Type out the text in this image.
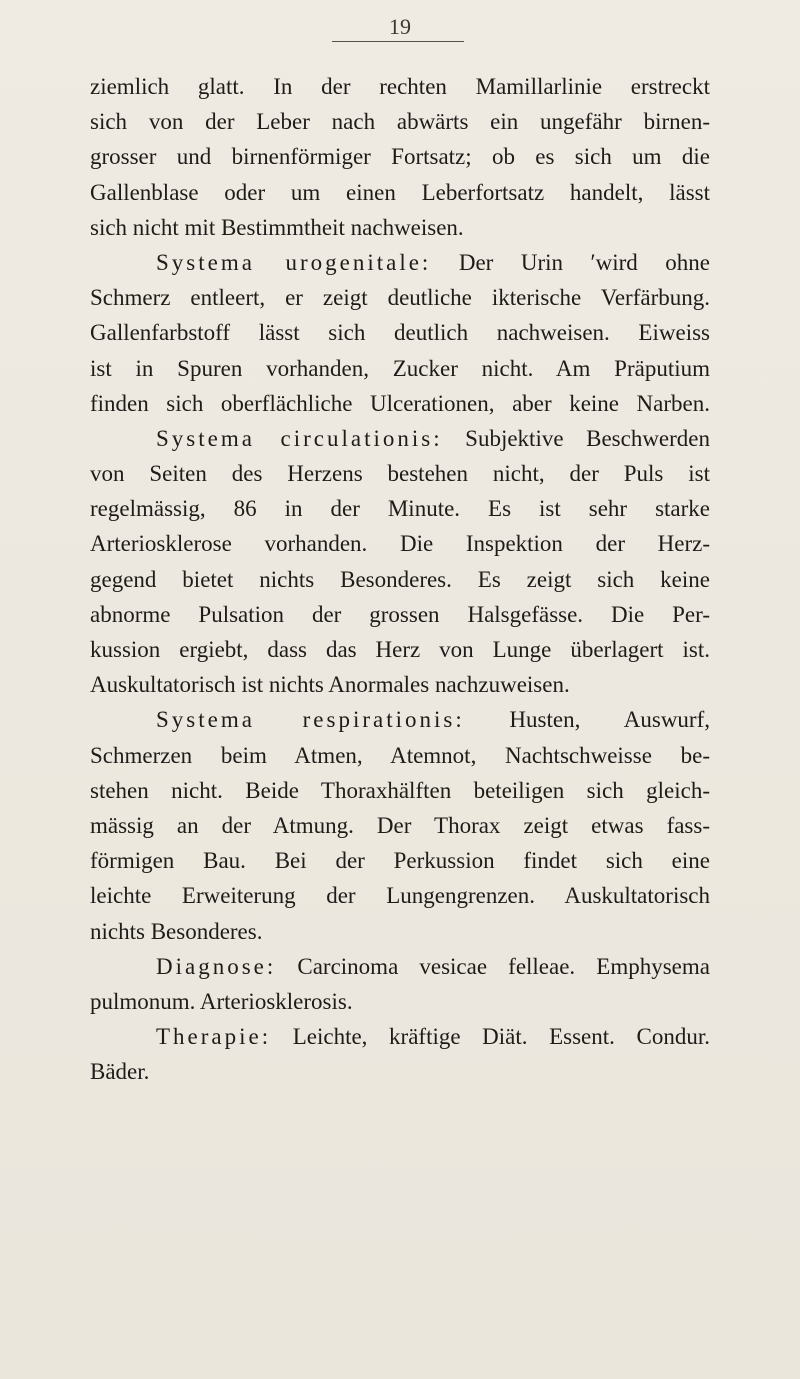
19
ziemlich glatt. In der rechten Mamillarlinie erstreckt
sich von der Leber nach abwärts ein ungefähr birnen-
grosser und birnenförmiger Fortsatz; ob es sich um die
Gallenblase oder um einen Leberfortsatz handelt, lässt
sich nicht mit Bestimmtheit nachweisen.
Systema urogenitale: Der Urin ′wird ohne
Schmerz entleert, er zeigt deutliche ikterische Verfärbung.
Gallenfarbstoff lässt sich deutlich nachweisen. Eiweiss
ist in Spuren vorhanden, Zucker nicht. Am Präputium
finden sich oberflächliche Ulcerationen, aber keine Narben.
Systema circulationis: Subjektive Beschwerden
von Seiten des Herzens bestehen nicht, der Puls ist
regelmässig, 86 in der Minute. Es ist sehr starke
Arteriosklerose vorhanden. Die Inspektion der Herz-
gegend bietet nichts Besonderes. Es zeigt sich keine
abnorme Pulsation der grossen Halsgefässe. Die Per-
kussion ergiebt, dass das Herz von Lunge überlagert ist.
Auskultatorisch ist nichts Anormales nachzuweisen.
Systema respirationis: Husten, Auswurf,
Schmerzen beim Atmen, Atemnot, Nachtschweisse be-
stehen nicht. Beide Thoraxhälften beteiligen sich gleich-
mässig an der Atmung. Der Thorax zeigt etwas fass-
förmigen Bau. Bei der Perkussion findet sich eine
leichte Erweiterung der Lungengrenzen. Auskultatorisch
nichts Besonderes.
Diagnose: Carcinoma vesicae felleae. Emphysema
pulmonum. Arteriosklerosis.
Therapie: Leichte, kräftige Diät. Essent. Condur.
Bäder.
